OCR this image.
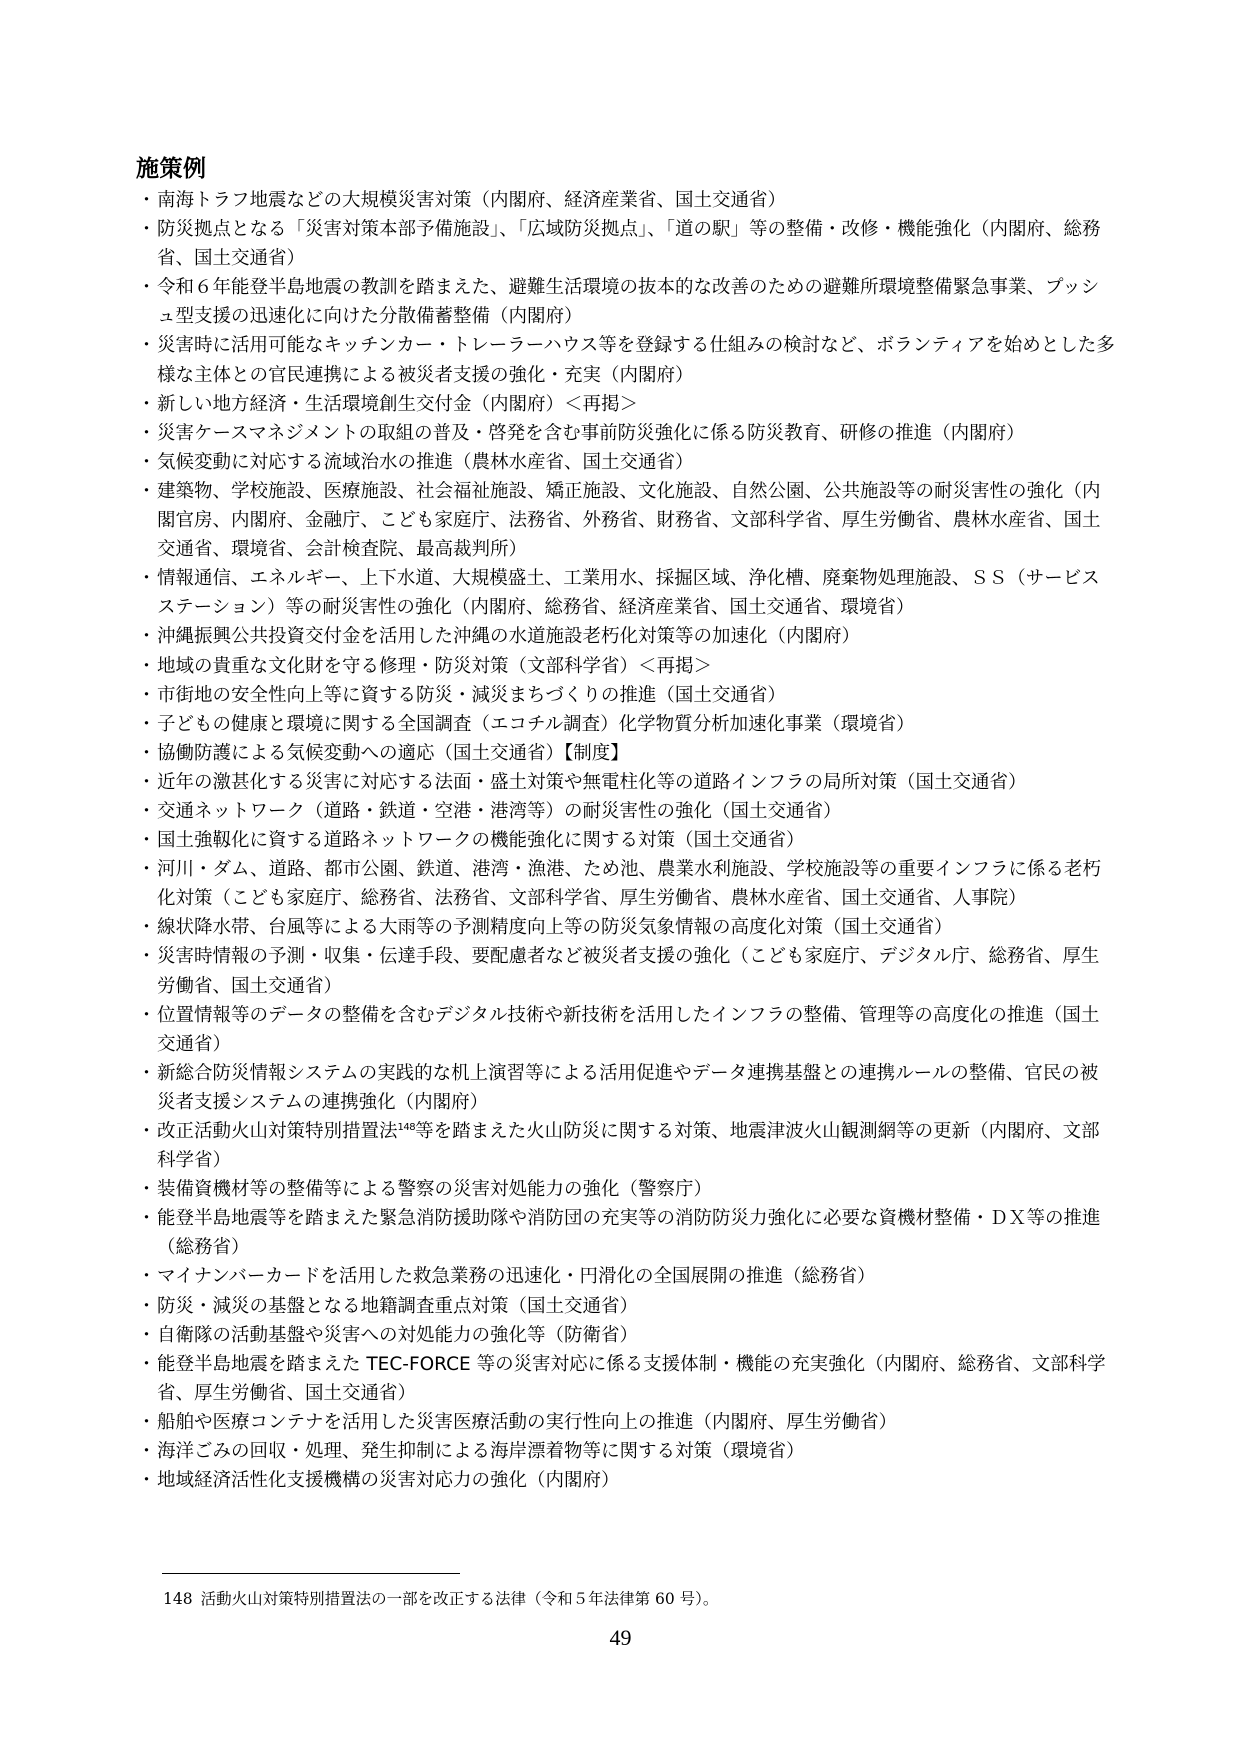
施策例
・ 南海トラフ地震などの大規模災害対策（内閣府、経済産業省、国土交通省）
・ 防災拠点となる「災害対策本部予備施設」、「広域防災拠点」、「道の駅」等の整備・改修・機能強化（内閣府、総務省、国土交通省）
・ 令和６年能登半島地震の教訓を踏まえた、避難生活環境の抜本的な改善のための避難所環境整備緊急事業、プッシュ型支援の迅速化に向けた分散備蓄整備（内閣府）
・ 災害時に活用可能なキッチンカー・トレーラーハウス等を登録する仕組みの検討など、ボランティアを始めとした多様な主体との官民連携による被災者支援の強化・充実（内閣府）
・ 新しい地方経済・生活環境創生交付金（内閣府）＜再掲＞
・ 災害ケースマネジメントの取組の普及・啓発を含む事前防災強化に係る防災教育、研修の推進（内閣府）
・ 気候変動に対応する流域治水の推進（農林水産省、国土交通省）
・ 建築物、学校施設、医療施設、社会福祉施設、矯正施設、文化施設、自然公園、公共施設等の耐災害性の強化（内閣官房、内閣府、金融庁、こども家庭庁、法務省、外務省、財務省、文部科学省、厚生労働省、農林水産省、国土交通省、環境省、会計検査院、最高裁判所）
・ 情報通信、エネルギー、上下水道、大規模盛土、工業用水、採掘区域、浄化槽、廃棄物処理施設、ＳＳ（サービスステーション）等の耐災害性の強化（内閣府、総務省、経済産業省、国土交通省、環境省）
・ 沖縄振興公共投資交付金を活用した沖縄の水道施設老朽化対策等の加速化（内閣府）
・ 地域の貴重な文化財を守る修理・防災対策（文部科学省）＜再掲＞
・ 市街地の安全性向上等に資する防災・減災まちづくりの推進（国土交通省）
・ 子どもの健康と環境に関する全国調査（エコチル調査）化学物質分析加速化事業（環境省）
・ 協働防護による気候変動への適応（国土交通省）【制度】
・ 近年の激甚化する災害に対応する法面・盛土対策や無電柱化等の道路インフラの局所対策（国土交通省）
・ 交通ネットワーク（道路・鉄道・空港・港湾等）の耐災害性の強化（国土交通省）
・ 国土強靱化に資する道路ネットワークの機能強化に関する対策（国土交通省）
・ 河川・ダム、道路、都市公園、鉄道、港湾・漁港、ため池、農業水利施設、学校施設等の重要インフラに係る老朽化対策（こども家庭庁、総務省、法務省、文部科学省、厚生労働省、農林水産省、国土交通省、人事院）
・ 線状降水帯、台風等による大雨等の予測精度向上等の防災気象情報の高度化対策（国土交通省）
・ 災害時情報の予測・収集・伝達手段、要配慮者など被災者支援の強化（こども家庭庁、デジタル庁、総務省、厚生労働省、国土交通省）
・ 位置情報等のデータの整備を含むデジタル技術や新技術を活用したインフラの整備、管理等の高度化の推進（国土交通省）
・ 新総合防災情報システムの実践的な机上演習等による活用促進やデータ連携基盤との連携ルールの整備、官民の被災者支援システムの連携強化（内閣府）
・ 改正活動火山対策特別措置法$^{148}$等を踏まえた火山防災に関する対策、地震津波火山観測網等の更新（内閣府、文部科学省）
・ 装備資機材等の整備等による警察の災害対処能力の強化（警察庁）
・ 能登半島地震等を踏まえた緊急消防援助隊や消防団の充実等の消防防災力強化に必要な資機材整備・ＤＸ等の推進（総務省）
・ マイナンバーカードを活用した救急業務の迅速化・円滑化の全国展開の推進（総務省）
・ 防災・減災の基盤となる地籍調査重点対策（国土交通省）
・ 自衛隊の活動基盤や災害への対処能力の強化等（防衛省）
・ 能登半島地震を踏まえた TEC-FORCE 等の災害対応に係る支援体制・機能の充実強化（内閣府、総務省、文部科学省、厚生労働省、国土交通省）
・ 船舶や医療コンテナを活用した災害医療活動の実行性向上の推進（内閣府、厚生労働省）
・ 海洋ごみの回収・処理、発生抑制による海岸漂着物等に関する対策（環境省）
・ 地域経済活性化支援機構の災害対応力の強化（内閣府）
148 活動火山対策特別措置法の一部を改正する法律（令和５年法律第 60 号）。
49
